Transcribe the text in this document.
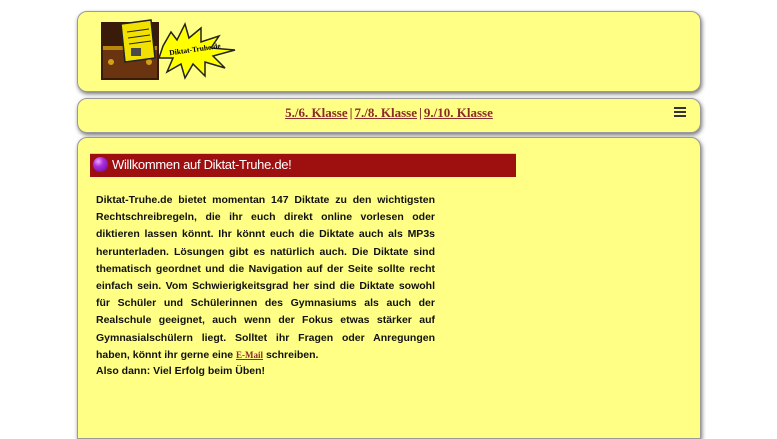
Diktat-Truhe.de
5./6. Klasse | 7./8. Klasse | 9./10. Klasse
Willkommen auf Diktat-Truhe.de!
Diktat-Truhe.de bietet momentan 147 Diktate zu den wichtigsten Rechtschreibregeln, die ihr euch direkt online vorlesen oder diktieren lassen könnt. Ihr könnt euch die Diktate auch als MP3s herunterladen. Lösungen gibt es natürlich auch. Die Diktate sind thematisch geordnet und die Navigation auf der Seite sollte recht einfach sein. Vom Schwierigkeitsgrad her sind die Diktate sowohl für Schüler und Schülerinnen des Gymnasiums als auch der Realschule geeignet, auch wenn der Fokus etwas stärker auf Gymnasialschülern liegt. Solltet ihr Fragen oder Anregungen haben, könnt ihr gerne eine E-Mail schreiben.
Also dann: Viel Erfolg beim Üben!
